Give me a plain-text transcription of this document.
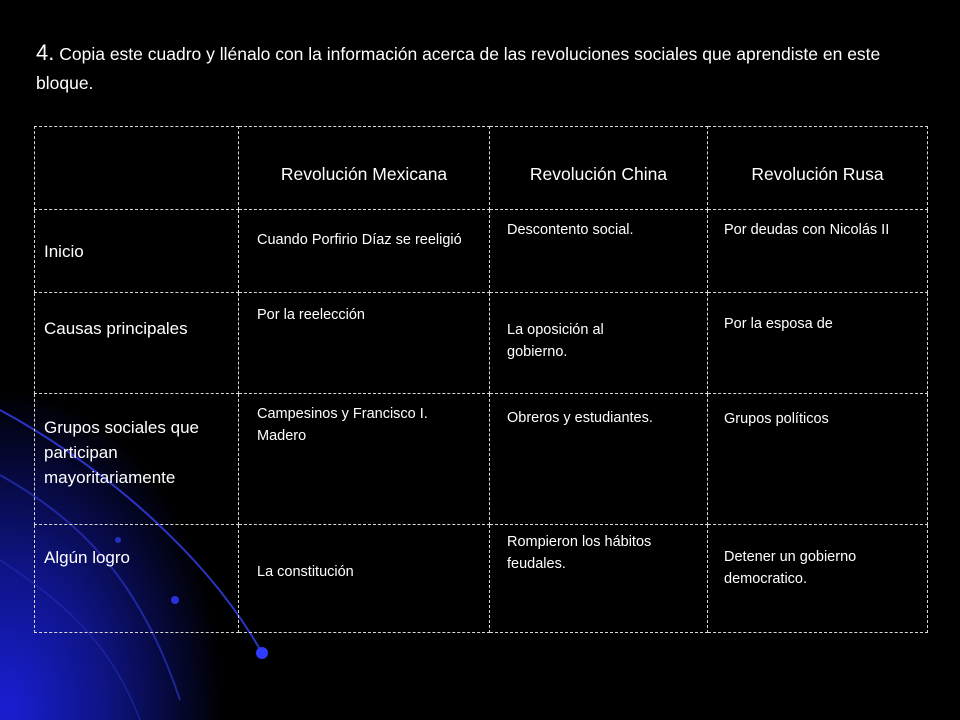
4. Copia este cuadro y llénalo con la información acerca de las revoluciones sociales que aprendiste en este bloque.

	Revolución Mexicana	Revolución China	Revolución Rusa

Inicio	Cuando Porfirio Díaz se reeligió	Descontento social.	Por deudas con Nicolás II

Causas principales	Por la reelección	La oposición al gobierno.	Por la esposa de

Grupos sociales que participan mayoritariamente	Campesinos y Francisco I. Madero	Obreros y estudiantes.	Grupos políticos

Algún logro	La constitución	Rompieron los hábitos feudales.	Detener un gobierno democratico.
